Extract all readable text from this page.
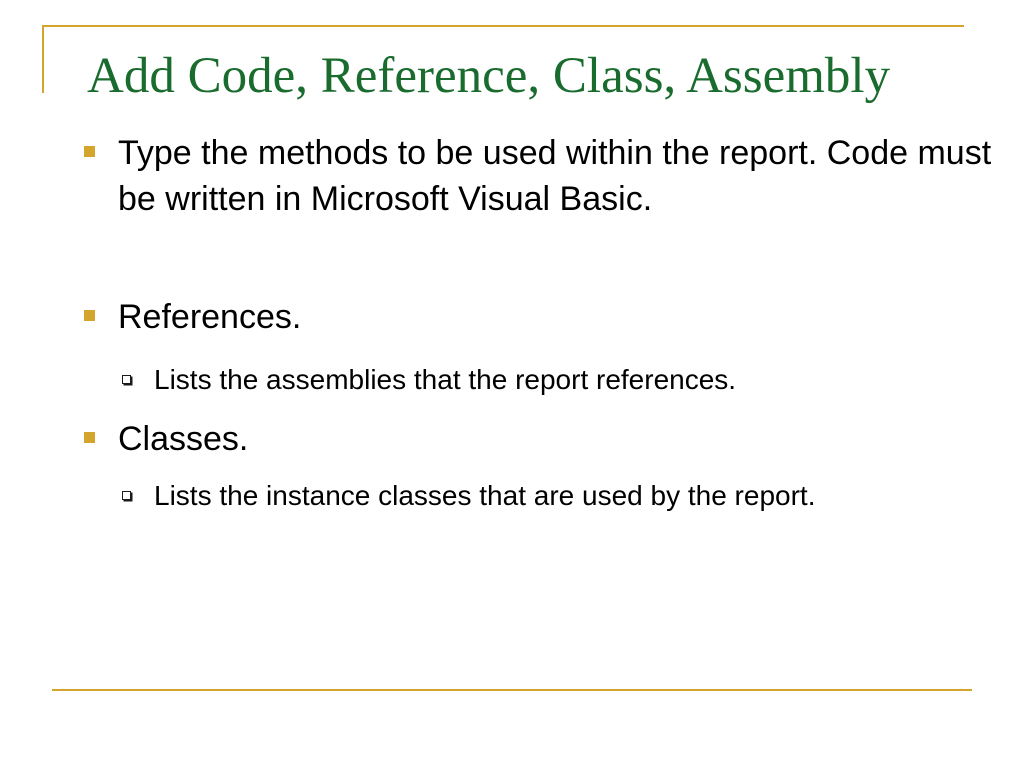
Add Code, Reference, Class, Assembly
Type the methods to be used within the report. Code must be written in Microsoft Visual Basic.
References.
Lists the assemblies that the report references.
Classes.
Lists the instance classes that are used by the report.
